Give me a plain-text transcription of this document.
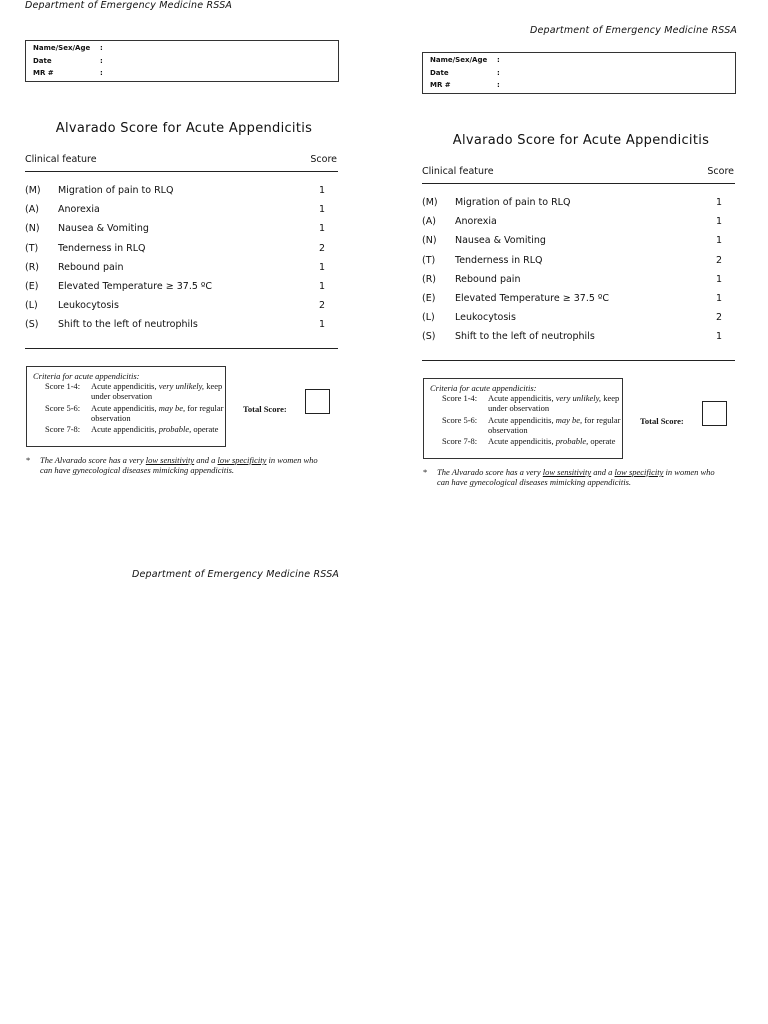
Department of Emergency Medicine RSSA
Name/Sex/Age :
Date	:
MR #	:
Alvarado Score for Acute Appendicitis
Clinical feature	Score
(M) Migration of pain to RLQ	1
(A) Anorexia	1
(N) Nausea & Vomiting	1
(T) Tenderness in RLQ	2
(R) Rebound pain	1
(E) Elevated Temperature ≥ 37.5 ºC	1
(L) Leukocytosis	2
(S) Shift to the left of neutrophils	1
Criteria for acute appendicitis:
Score 1-4: Acute appendicitis, very unlikely, keep under observation
Score 5-6: Acute appendicitis, may be, for regular observation
Score 7-8: Acute appendicitis, probable, operate
Total Score:
* The Alvarado score has a very low sensitivity and a low specificity in women who can have gynecological diseases mimicking appendicitis.
Department of Emergency Medicine RSSA
Name/Sex/Age :
Date	:
MR #	:
Alvarado Score for Acute Appendicitis
Clinical feature	Score
(M) Migration of pain to RLQ	1
(A) Anorexia	1
(N) Nausea & Vomiting	1
(T) Tenderness in RLQ	2
(R) Rebound pain	1
(E) Elevated Temperature ≥ 37.5 ºC	1
(L) Leukocytosis	2
(S) Shift to the left of neutrophils	1
Criteria for acute appendicitis:
Score 1-4: Acute appendicitis, very unlikely, keep under observation
Score 5-6: Acute appendicitis, may be, for regular observation
Score 7-8: Acute appendicitis, probable, operate
Total Score:
* The Alvarado score has a very low sensitivity and a low specificity in women who can have gynecological diseases mimicking appendicitis.
Department of Emergency Medicine RSSA
